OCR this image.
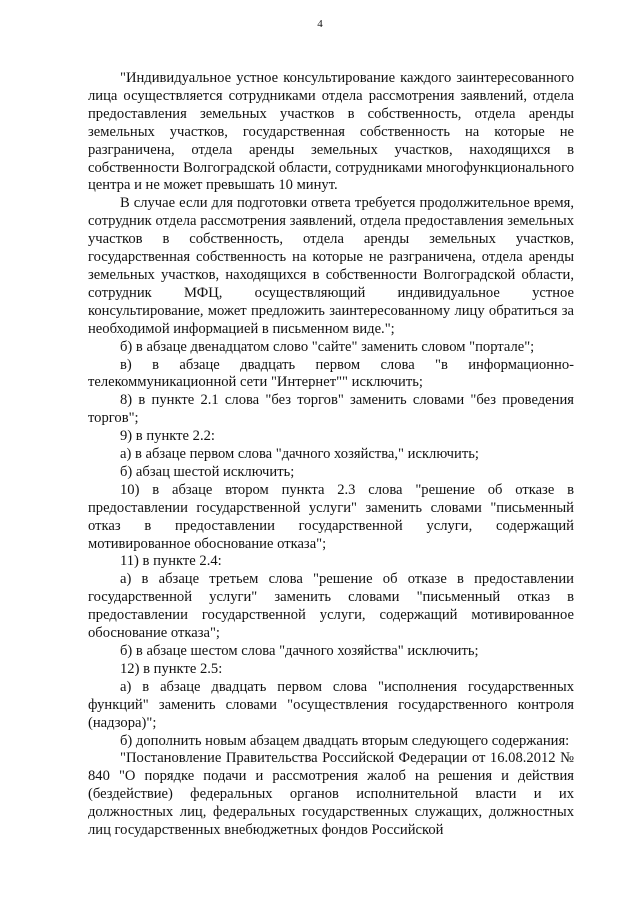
4

"Индивидуальное устное консультирование каждого заинтересованного лица осуществляется сотрудниками отдела рассмотрения заявлений, отдела предоставления земельных участков в собственность, отдела аренды земельных участков, государственная собственность на которые не разграничена, отдела аренды земельных участков, находящихся в собственности Волгоградской области, сотрудниками многофункционального центра и не может превышать 10 минут.

В случае если для подготовки ответа требуется продолжительное время, сотрудник отдела рассмотрения заявлений, отдела предоставления земельных участков в собственность, отдела аренды земельных участков, государственная собственность на которые не разграничена, отдела аренды земельных участков, находящихся в собственности Волгоградской области, сотрудник МФЦ, осуществляющий индивидуальное устное консультирование, может предложить заинтересованному лицу обратиться за необходимой информацией в письменном виде.";

б) в абзаце двенадцатом слово "сайте" заменить словом "портале";

в) в абзаце двадцать первом слова "в информационно-телекоммуникационной сети "Интернет"" исключить;

8) в пункте 2.1 слова "без торгов" заменить словами "без проведения торгов";

9) в пункте 2.2:

а) в абзаце первом слова "дачного хозяйства," исключить;

б) абзац шестой исключить;

10) в абзаце втором пункта 2.3 слова "решение об отказе в предоставлении государственной услуги" заменить словами "письменный отказ в предоставлении государственной услуги, содержащий мотивированное обоснование отказа";

11) в пункте 2.4:

а) в абзаце третьем слова "решение об отказе в предоставлении государственной услуги" заменить словами "письменный отказ в предоставлении государственной услуги, содержащий мотивированное обоснование отказа";

б) в абзаце шестом слова "дачного хозяйства" исключить;

12) в пункте 2.5:

а) в абзаце двадцать первом слова "исполнения государственных функций" заменить словами "осуществления государственного контроля (надзора)";

б) дополнить новым абзацем двадцать вторым следующего содержания:

"Постановление Правительства Российской Федерации от 16.08.2012 № 840 "О порядке подачи и рассмотрения жалоб на решения и действия (бездействие) федеральных органов исполнительной власти и их должностных лиц, федеральных государственных служащих, должностных лиц государственных внебюджетных фондов Российской
